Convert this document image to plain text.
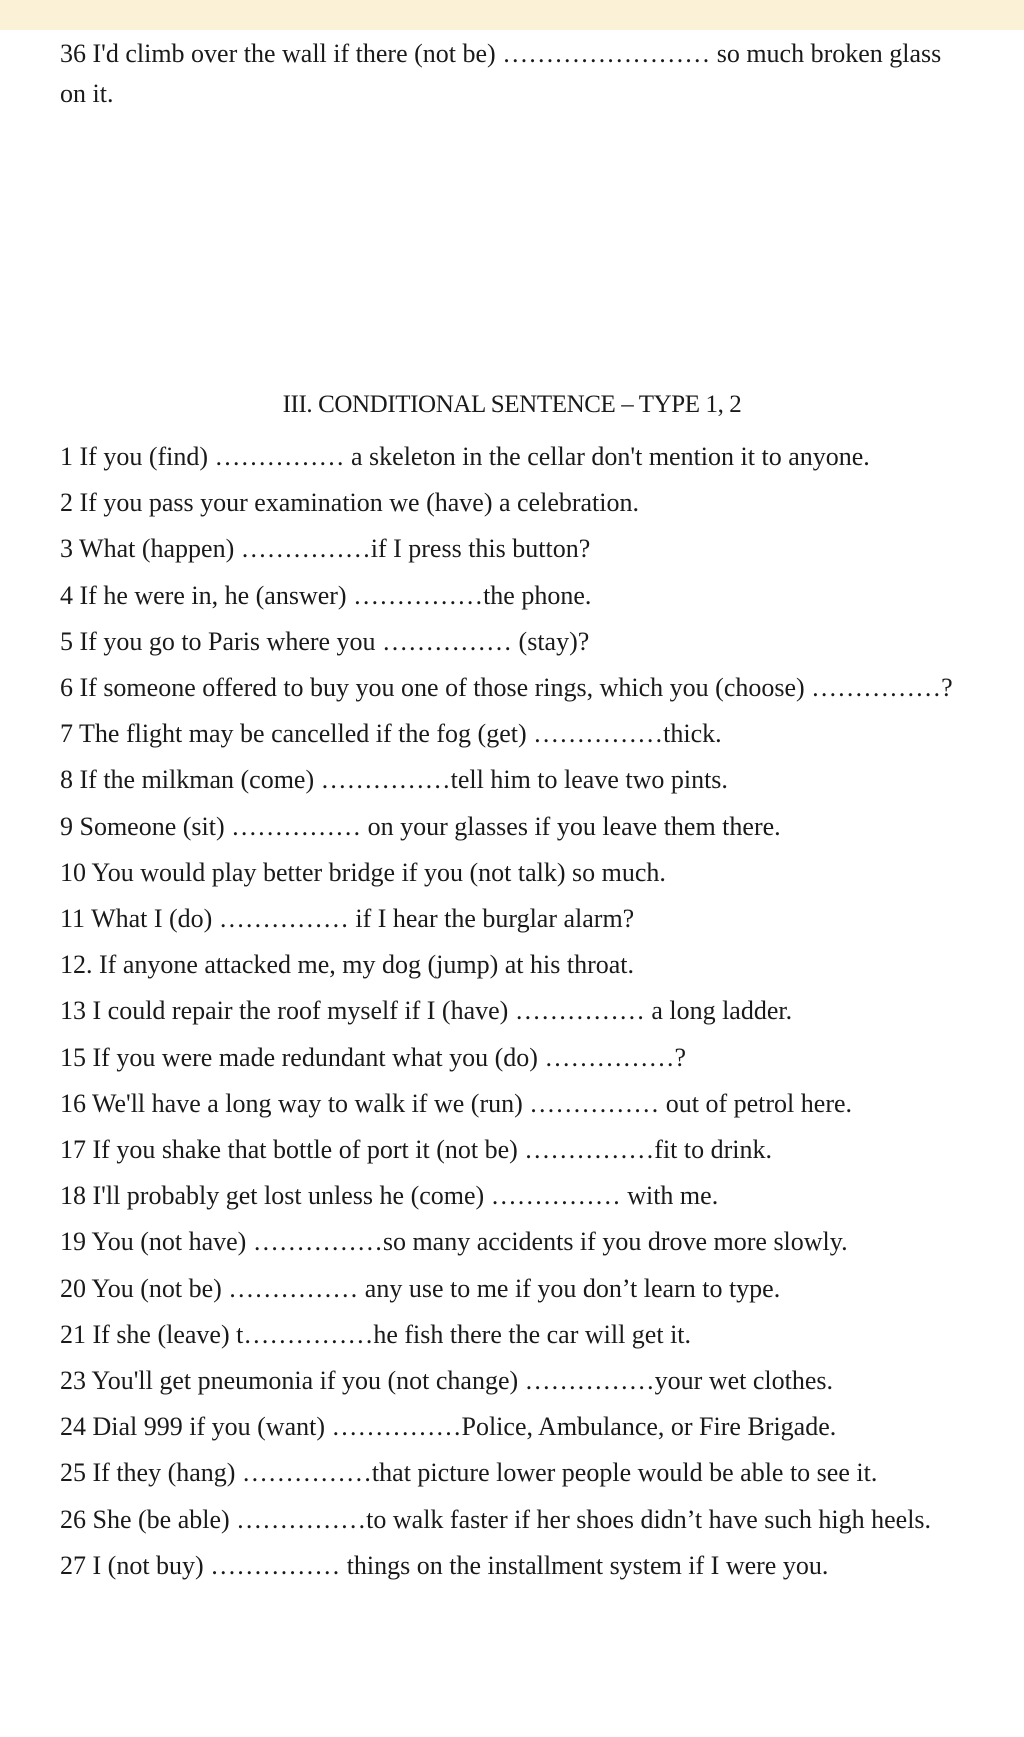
36 I'd climb over the wall if there (not be) …………………… so much broken glass on it.

III. CONDITIONAL SENTENCE – TYPE 1, 2
1 If you (find) …………… a skeleton in the cellar don't mention it to anyone.
2 If you pass your examination we (have) a celebration.
3 What (happen) ……………if I press this button?
4 If he were in, he (answer) ……………the phone.
5 If you go to Paris where you …………… (stay)?
6 If someone offered to buy you one of those rings, which you (choose) ……………?
7 The flight may be cancelled if the fog (get) ……………thick.
8 If the milkman (come) ……………tell him to leave two pints.
9 Someone (sit) …………… on your glasses if you leave them there.
10 You would play better bridge if you (not talk) so much.
11 What I (do) …………… if I hear the burglar alarm?
12. If anyone attacked me, my dog (jump) at his throat.
13 I could repair the roof myself if I (have) …………… a long ladder.
15 If you were made redundant what you (do) ……………?
16 We'll have a long way to walk if we (run) …………… out of petrol here.
17 If you shake that bottle of port it (not be) ……………fit to drink.
18 I'll probably get lost unless he (come) …………… with me.
19 You (not have) ……………so many accidents if you drove more slowly.
20 You (not be) …………… any use to me if you don’t learn to type.
21 If she (leave) t……………he fish there the car will get it.
23 You'll get pneumonia if you (not change) ……………your wet clothes.
24 Dial 999 if you (want) ……………Police, Ambulance, or Fire Brigade.
25 If they (hang) ……………that picture lower people would be able to see it.
26 She (be able) ……………to walk faster if her shoes didn’t have such high heels.
27 I (not buy) …………… things on the installment system if I were you.
